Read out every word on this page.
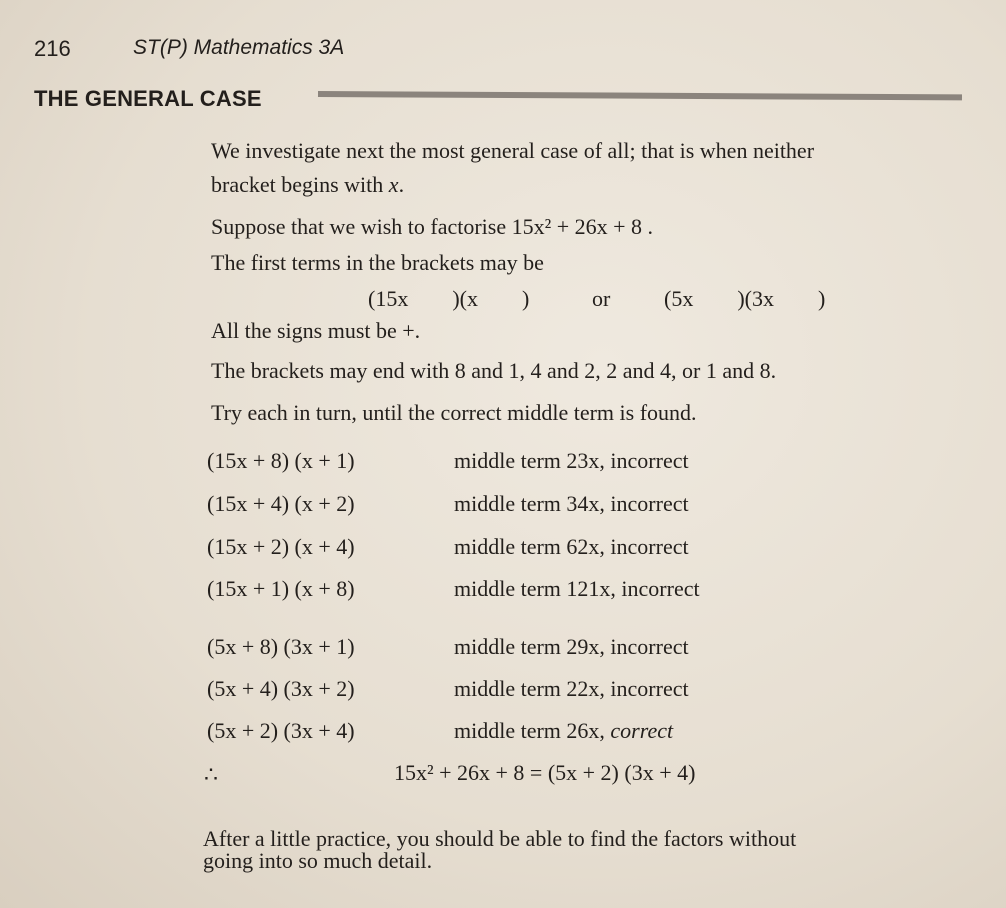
216	ST(P) Mathematics 3A
THE GENERAL CASE
We investigate next the most general case of all; that is when neither
bracket begins with x.
Suppose that we wish to factorise 15x² + 26x + 8 .
The first terms in the brackets may be
(15x        )(x        )	or (5x        )(3x        )
All the signs must be +.
The brackets may end with 8 and 1, 4 and 2, 2 and 4, or 1 and 8.
Try each in turn, until the correct middle term is found.
(15x + 8) (x + 1)	middle term 23x, incorrect
(15x + 4) (x + 2)	middle term 34x, incorrect
(15x + 2) (x + 4)	middle term 62x, incorrect
(15x + 1) (x + 8)	middle term 121x, incorrect
(5x + 8) (3x + 1)	middle term 29x, incorrect
(5x + 4) (3x + 2)	middle term 22x, incorrect
(5x + 2) (3x + 4)	middle term 26x, correct
∴	15x² + 26x + 8 = (5x + 2) (3x + 4)
After a little practice, you should be able to find the factors without
going into so much detail.
